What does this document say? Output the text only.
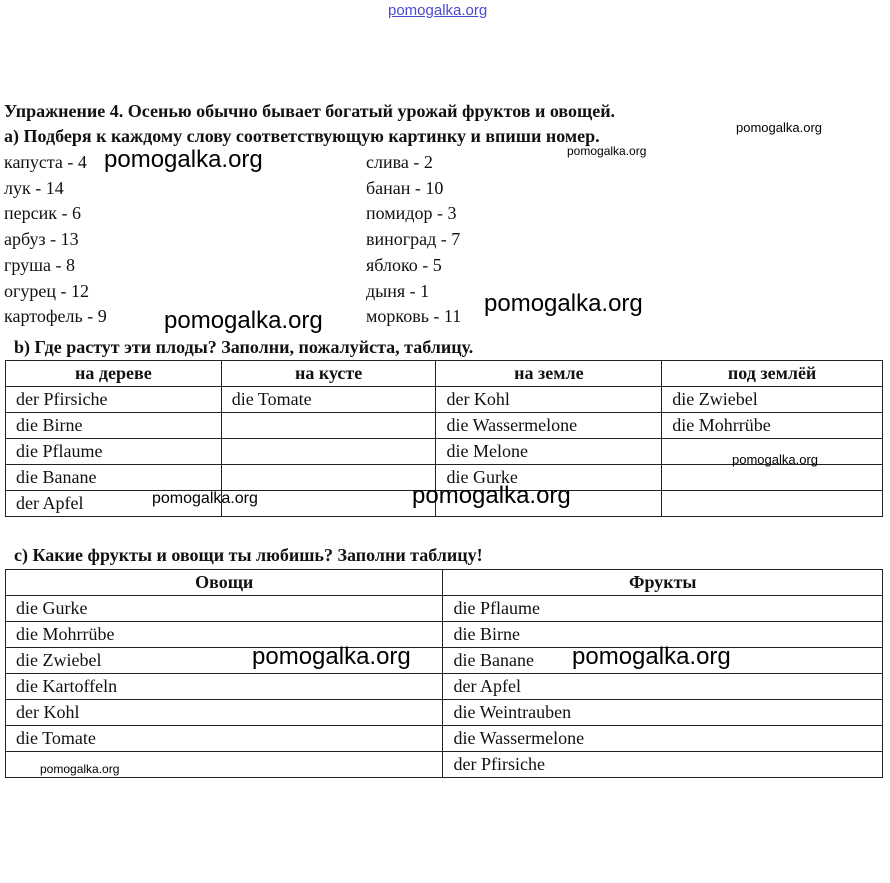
pomogalka.org
Упражнение 4. Осенью обычно бывает богатый урожай фруктов и овощей.
а) Подберя к каждому слову соответствующую картинку и впиши номер.
капуста - 4
лук - 14
персик - 6
арбуз - 13
груша - 8
огурец - 12
картофель - 9
слива - 2
банан - 10
помидор - 3
виноград - 7
яблоко - 5
дыня - 1
морковь - 11
b) Где растут эти плоды? Заполни, пожалуйста, таблицу.
на дереве	на кусте	на земле	под землёй
der Pfirsiche	die Tomate	der Kohl	die Zwiebel
die Birne		die Wassermelone	die Mohrrübe
die Pflaume		die Melone	
die Banane		die Gurke	
der Apfel			
c) Какие фрукты и овощи ты любишь? Заполни таблицу!
Овощи	Фрукты
die Gurke	die Pflaume
die Mohrrübe	die Birne
die Zwiebel	die Banane
die Kartoffeln	der Apfel
der Kohl	die Weintrauben
die Tomate	die Wassermelone
	der Pfirsiche
pomogalka.org
pomogalka.org
pomogalka.org
pomogalka.org
pomogalka.org
pomogalka.org
pomogalka.org	pomogalka.org
pomogalka.org	pomogalka.org
pomogalka.org
